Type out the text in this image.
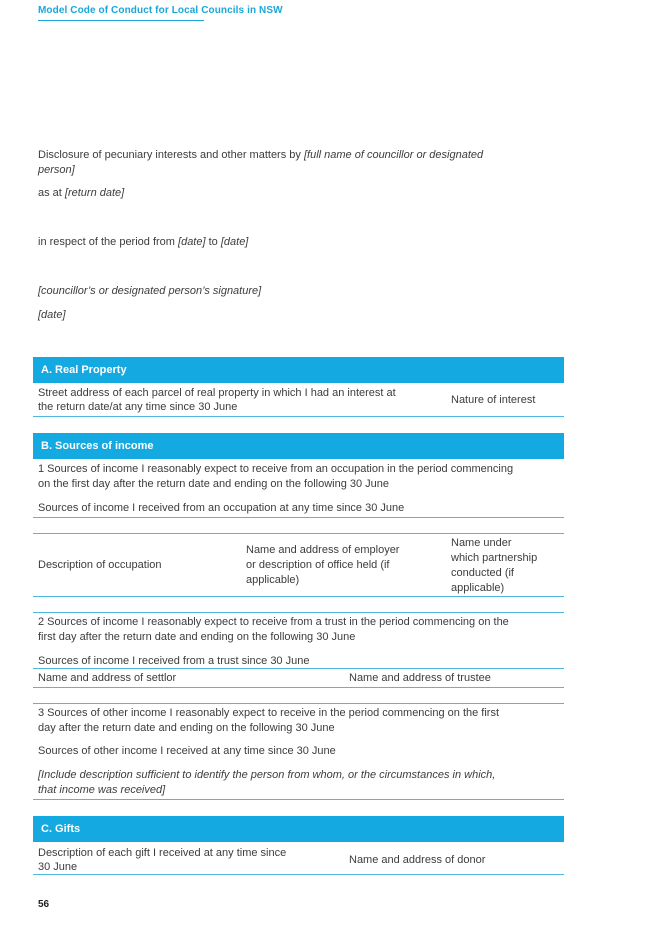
Model Code of Conduct for Local Councils in NSW
Disclosure of pecuniary interests and other matters by [full name of councillor or designated
person]
as at [return date]
in respect of the period from [date] to [date]
[councillor’s or designated person’s signature]
[date]
A. Real Property
Street address of each parcel of real property in which I had an interest at
the return date/at any time since 30 June
Nature of interest
B. Sources of income
1 Sources of income I reasonably expect to receive from an occupation in the period commencing
on the first day after the return date and ending on the following 30 June
Sources of income I received from an occupation at any time since 30 June
Description of occupation
Name and address of employer
or description of office held (if
applicable)
Name under
which partnership
conducted (if
applicable)
2 Sources of income I reasonably expect to receive from a trust in the period commencing on the
first day after the return date and ending on the following 30 June
Sources of income I received from a trust since 30 June
Name and address of settlor	Name and address of trustee
3 Sources of other income I reasonably expect to receive in the period commencing on the first
day after the return date and ending on the following 30 June
Sources of other income I received at any time since 30 June
[Include description sufficient to identify the person from whom, or the circumstances in which,
that income was received]
C. Gifts
Description of each gift I received at any time since
30 June
Name and address of donor
56
